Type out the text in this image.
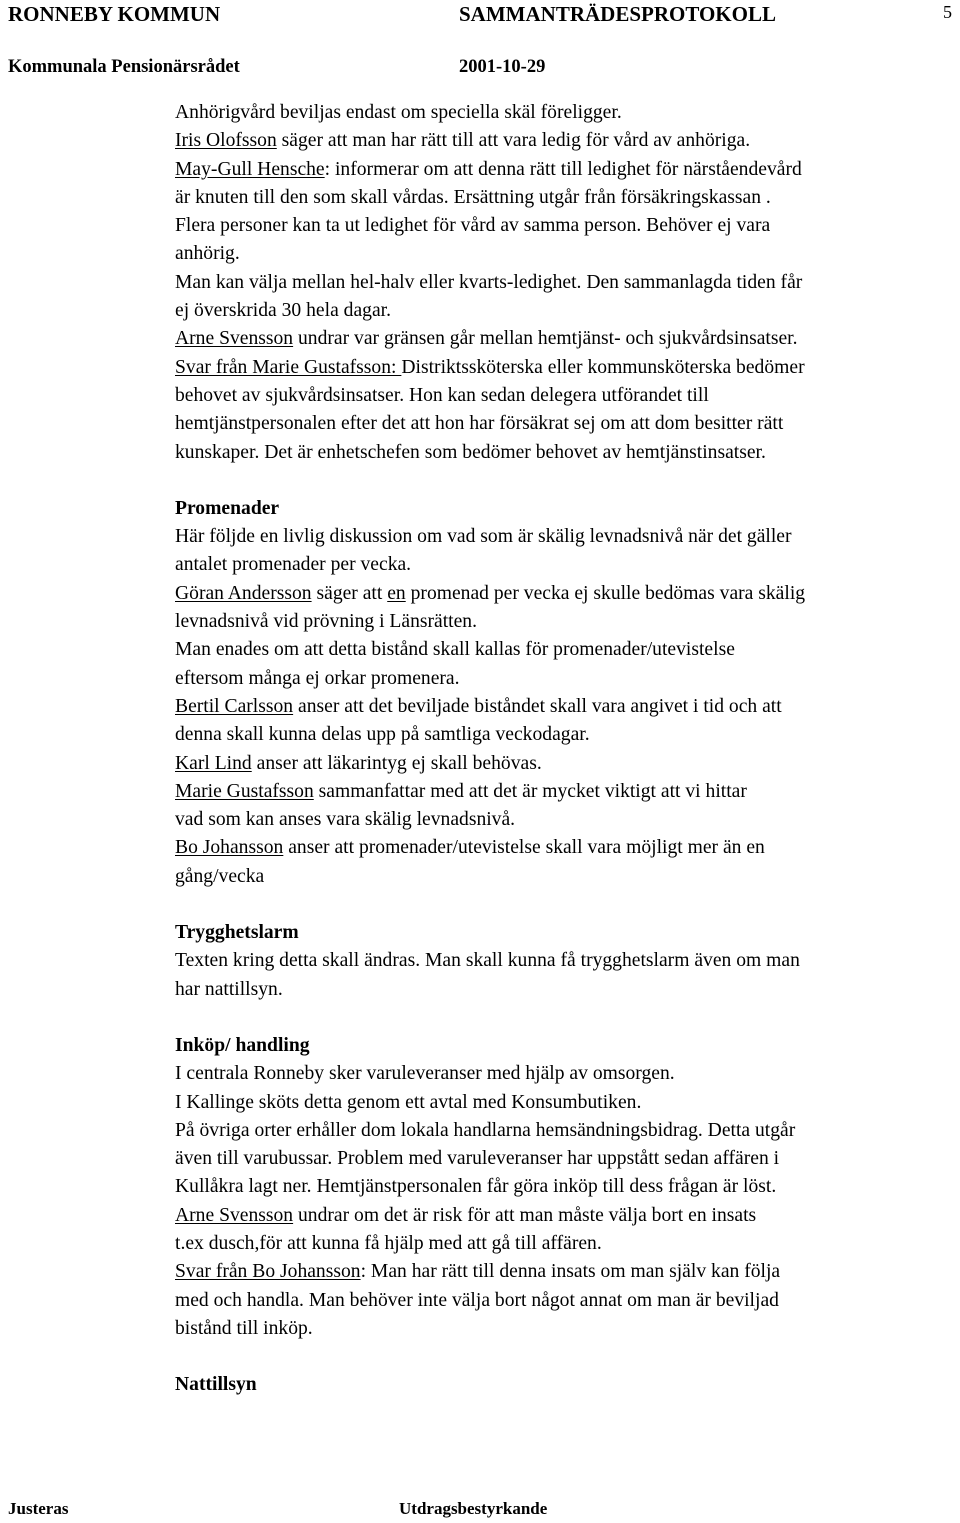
RONNEBY KOMMUN	SAMMANTRÄDESPROTOKOLL	5
Kommunala Pensionärsrådet	2001-10-29
Anhörigvård beviljas endast om speciella skäl föreligger.
Iris Olofsson säger att man har rätt till att vara ledig för vård av anhöriga.
May-Gull Hensche: informerar om att denna rätt till ledighet för närståendevård
är knuten till den som skall vårdas. Ersättning utgår från försäkringskassan .
Flera personer kan ta ut ledighet för vård av samma person. Behöver ej vara
anhörig.
Man kan välja mellan hel-halv eller kvarts-ledighet. Den sammanlagda tiden får
ej överskrida 30 hela dagar.
Arne Svensson undrar var gränsen går mellan hemtjänst- och sjukvårdsinsatser.
Svar från Marie Gustafsson: Distriktssköterska eller kommunsköterska bedömer
behovet av sjukvårdsinsatser. Hon kan sedan delegera utförandet till
hemtjänstpersonalen efter det att hon har försäkrat sej om att dom besitter rätt
kunskaper. Det är enhetschefen som bedömer behovet av hemtjänstinsatser.
Promenader
Här följde en livlig diskussion om vad som är skälig levnadsnivå när det gäller
antalet promenader per vecka.
Göran Andersson säger att en promenad per vecka ej skulle bedömas vara skälig
levnadsnivå vid prövning i Länsrätten.
Man enades om att detta bistånd skall kallas för promenader/utevistelse
eftersom många ej orkar promenera.
Bertil Carlsson anser att det beviljade biståndet skall vara angivet i tid och att
denna skall kunna delas upp på samtliga veckodagar.
Karl Lind anser att läkarintyg ej skall behövas.
Marie Gustafsson sammanfattar med att det är mycket viktigt att vi hittar
vad som kan anses vara skälig levnadsnivå.
Bo Johansson anser att promenader/utevistelse skall vara möjligt mer än en
gång/vecka
Trygghetslarm
Texten kring detta skall ändras. Man skall kunna få trygghetslarm även om man
har nattillsyn.
Inköp/ handling
I centrala Ronneby sker varuleveranser med hjälp av omsorgen.
I Kallinge sköts detta genom ett avtal med Konsumbutiken.
På övriga orter erhåller dom lokala handlarna hemsändningsbidrag. Detta utgår
även till varubussar. Problem med varuleveranser har uppstått sedan affären i
Kullåkra lagt ner. Hemtjänstpersonalen får göra inköp till dess frågan är löst.
Arne Svensson undrar om det är risk för att man måste välja bort en insats
t.ex dusch,för att kunna få hjälp med att gå till affären.
Svar från Bo Johansson: Man har rätt till denna insats om man själv kan följa
med och handla. Man behöver inte välja bort något annat om man är beviljad
bistånd till inköp.
Nattillsyn
Justeras	Utdragsbestyrkande
